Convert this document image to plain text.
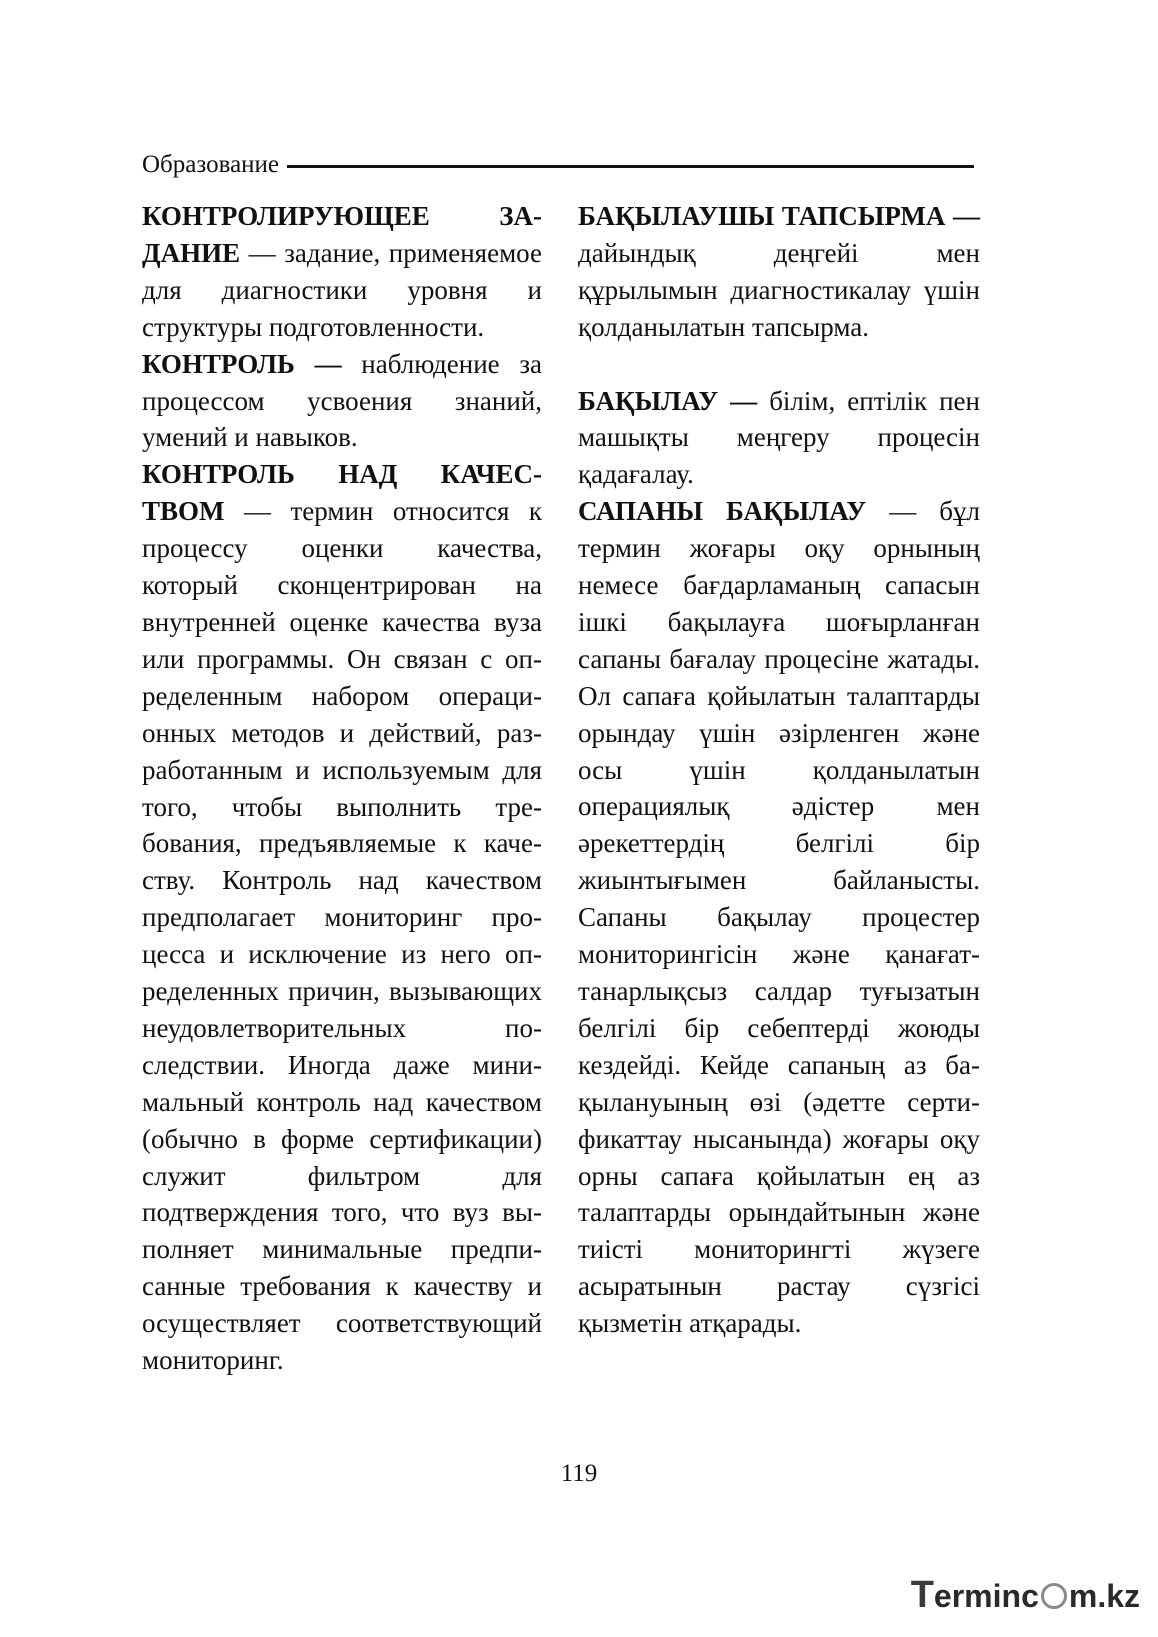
Образование

КОНТРОЛИРУЮЩЕЕ ЗАДАНИЕ — задание, применяемое для диагностики уровня и структуры подготовленности.

КОНТРОЛЬ — наблюдение за процессом усвоения знаний, умений и навыков.

КОНТРОЛЬ НАД КАЧЕСТВОМ — термин относится к процессу оценки качества, который сконцентрирован на внутренней оценке качества вуза или программы. Он связан с определенным набором операционных методов и действий, разработанным и используемым для того, чтобы выполнить требования, предъявляемые к качеству. Контроль над качеством предполагает мониторинг процесса и исключение из него определенных причин, вызывающих неудовлетворительных последствии. Иногда даже минимальный контроль над качеством (обычно в форме сертификации) служит фильтром для подтверждения того, что вуз выполняет минимальные предписанные требования к качеству и осуществляет соответствующий мониторинг.

БАҚЫЛАУШЫ ТАПСЫРМА — дайындық деңгейі мен құрылымын диагностикалау үшін қолданылатын тапсырма.

БАҚЫЛАУ — білім, ептілік пен машықты меңгеру процесін қадағалау.

САПАНЫ БАҚЫЛАУ — бұл термин жоғары оқу орнының немесе бағдарламаның сапасын ішкі бақылауға шоғырланған сапаны бағалау процесіне жатады. Ол сапаға қойылатын талаптарды орындау үшін әзірленген және осы үшін қолданылатын операциялық әдістер мен әрекеттердің белгілі бір жиынтығымен байланысты. Сапаны бақылау процестер мониторингісін және қанағаттанарлықсыз салдар туғызатын белгілі бір себептерді жоюды кездейді. Кейде сапаның аз бақылануының өзі (әдетте сертификаттау нысанында) жоғары оқу орны сапаға қойылатын ең аз талаптарды орындайтынын және тиісті мониторингті жүзеге асыратынын растау сүзгісі қызметін атқарады.

119
T erminc m.kz
